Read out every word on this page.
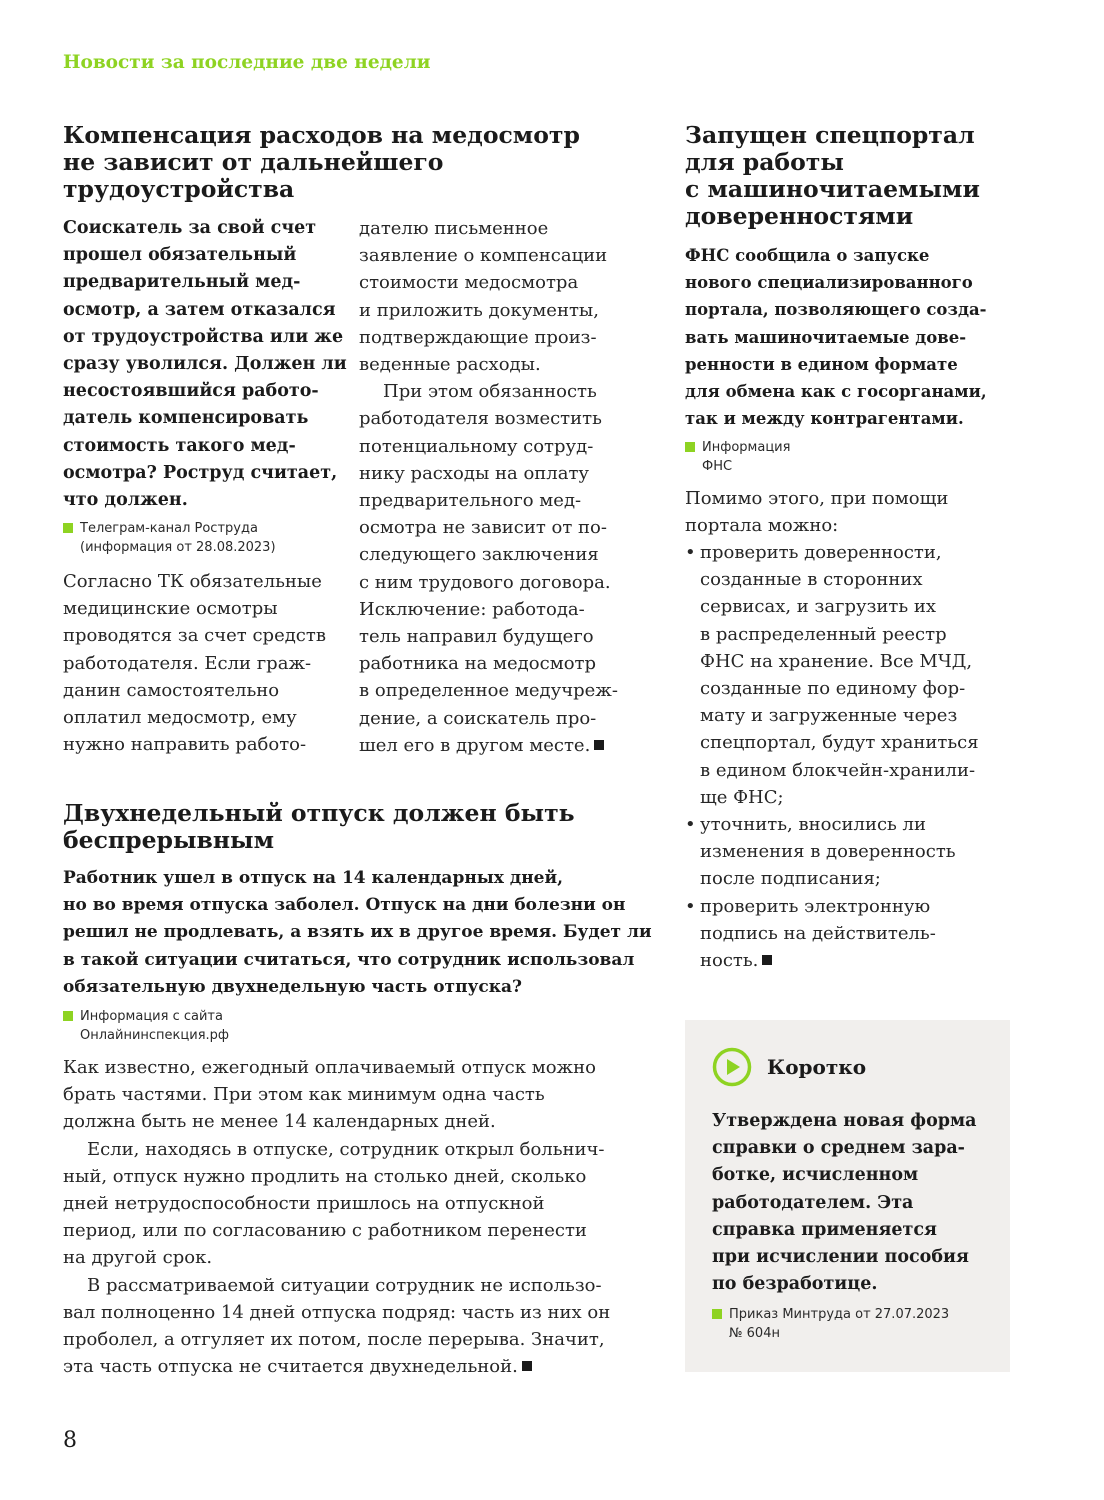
Новости за последние две недели

Компенсация расходов на медосмотр
не зависит от дальнейшего
трудоустройства
Соискатель за свой счет
прошел обязательный
предварительный мед-
осмотр, а затем отказался
от трудоустройства или же
сразу уволился. Должен ли
несостоявшийся работо-
датель компенсировать
стоимость такого мед-
осмотра? Роструд считает,
что должен.
Телеграм-канал Роструда
(информация от 28.08.2023)
Согласно ТК обязательные
медицинские осмотры
проводятся за счет средств
работодателя. Если граж-
данин самостоятельно
оплатил медосмотр, ему
нужно направить работо-
дателю письменное
заявление о компенсации
стоимости медосмотра
и приложить документы,
подтверждающие произ-
веденные расходы.
При этом обязанность
работодателя возместить
потенциальному сотруд-
нику расходы на оплату
предварительного мед-
осмотра не зависит от по-
следующего заключения
с ним трудового договора.
Исключение: работода-
тель направил будущего
работника на медосмотр
в определенное медучреж-
дение, а соискатель про-
шел его в другом месте.
Двухнедельный отпуск должен быть
беспрерывным
Работник ушел в отпуск на 14 календарных дней,
но во время отпуска заболел. Отпуск на дни болезни он
решил не продлевать, а взять их в другое время. Будет ли
в такой ситуации считаться, что сотрудник использовал
обязательную двухнедельную часть отпуска?
Информация с сайта
Онлайнинспекция.рф
Как известно, ежегодный оплачиваемый отпуск можно
брать частями. При этом как минимум одна часть
должна быть не менее 14 календарных дней.
Если, находясь в отпуске, сотрудник открыл больнич-
ный, отпуск нужно продлить на столько дней, сколько
дней нетрудоспособности пришлось на отпускной
период, или по согласованию с работником перенести
на другой срок.
В рассматриваемой ситуации сотрудник не использо-
вал полноценно 14 дней отпуска подряд: часть из них он
проболел, а отгуляет их потом, после перерыва. Значит,
эта часть отпуска не считается двухнедельной.
Запущен спецпортал
для работы
с машиночитаемыми
доверенностями
ФНС сообщила о запуске
нового специализированного
портала, позволяющего созда-
вать машиночитаемые дове-
ренности в едином формате
для обмена как с госорганами,
так и между контрагентами.
Информация
ФНС
Помимо этого, при помощи
портала можно:
• проверить доверенности,
созданные в сторонних
сервисах, и загрузить их
в распределенный реестр
ФНС на хранение. Все МЧД,
созданные по единому фор-
мату и загруженные через
спецпортал, будут храниться
в едином блокчейн-хранили-
ще ФНС;
• уточнить, вносились ли
изменения в доверенность
после подписания;
• проверить электронную
подпись на действитель-
ность.

Коротко

Утверждена новая форма
справки о среднем зара-
ботке, исчисленном
работодателем. Эта
справка применяется
при исчислении пособия
по безработице.
Приказ Минтруда от 27.07.2023
№ 604н

8
